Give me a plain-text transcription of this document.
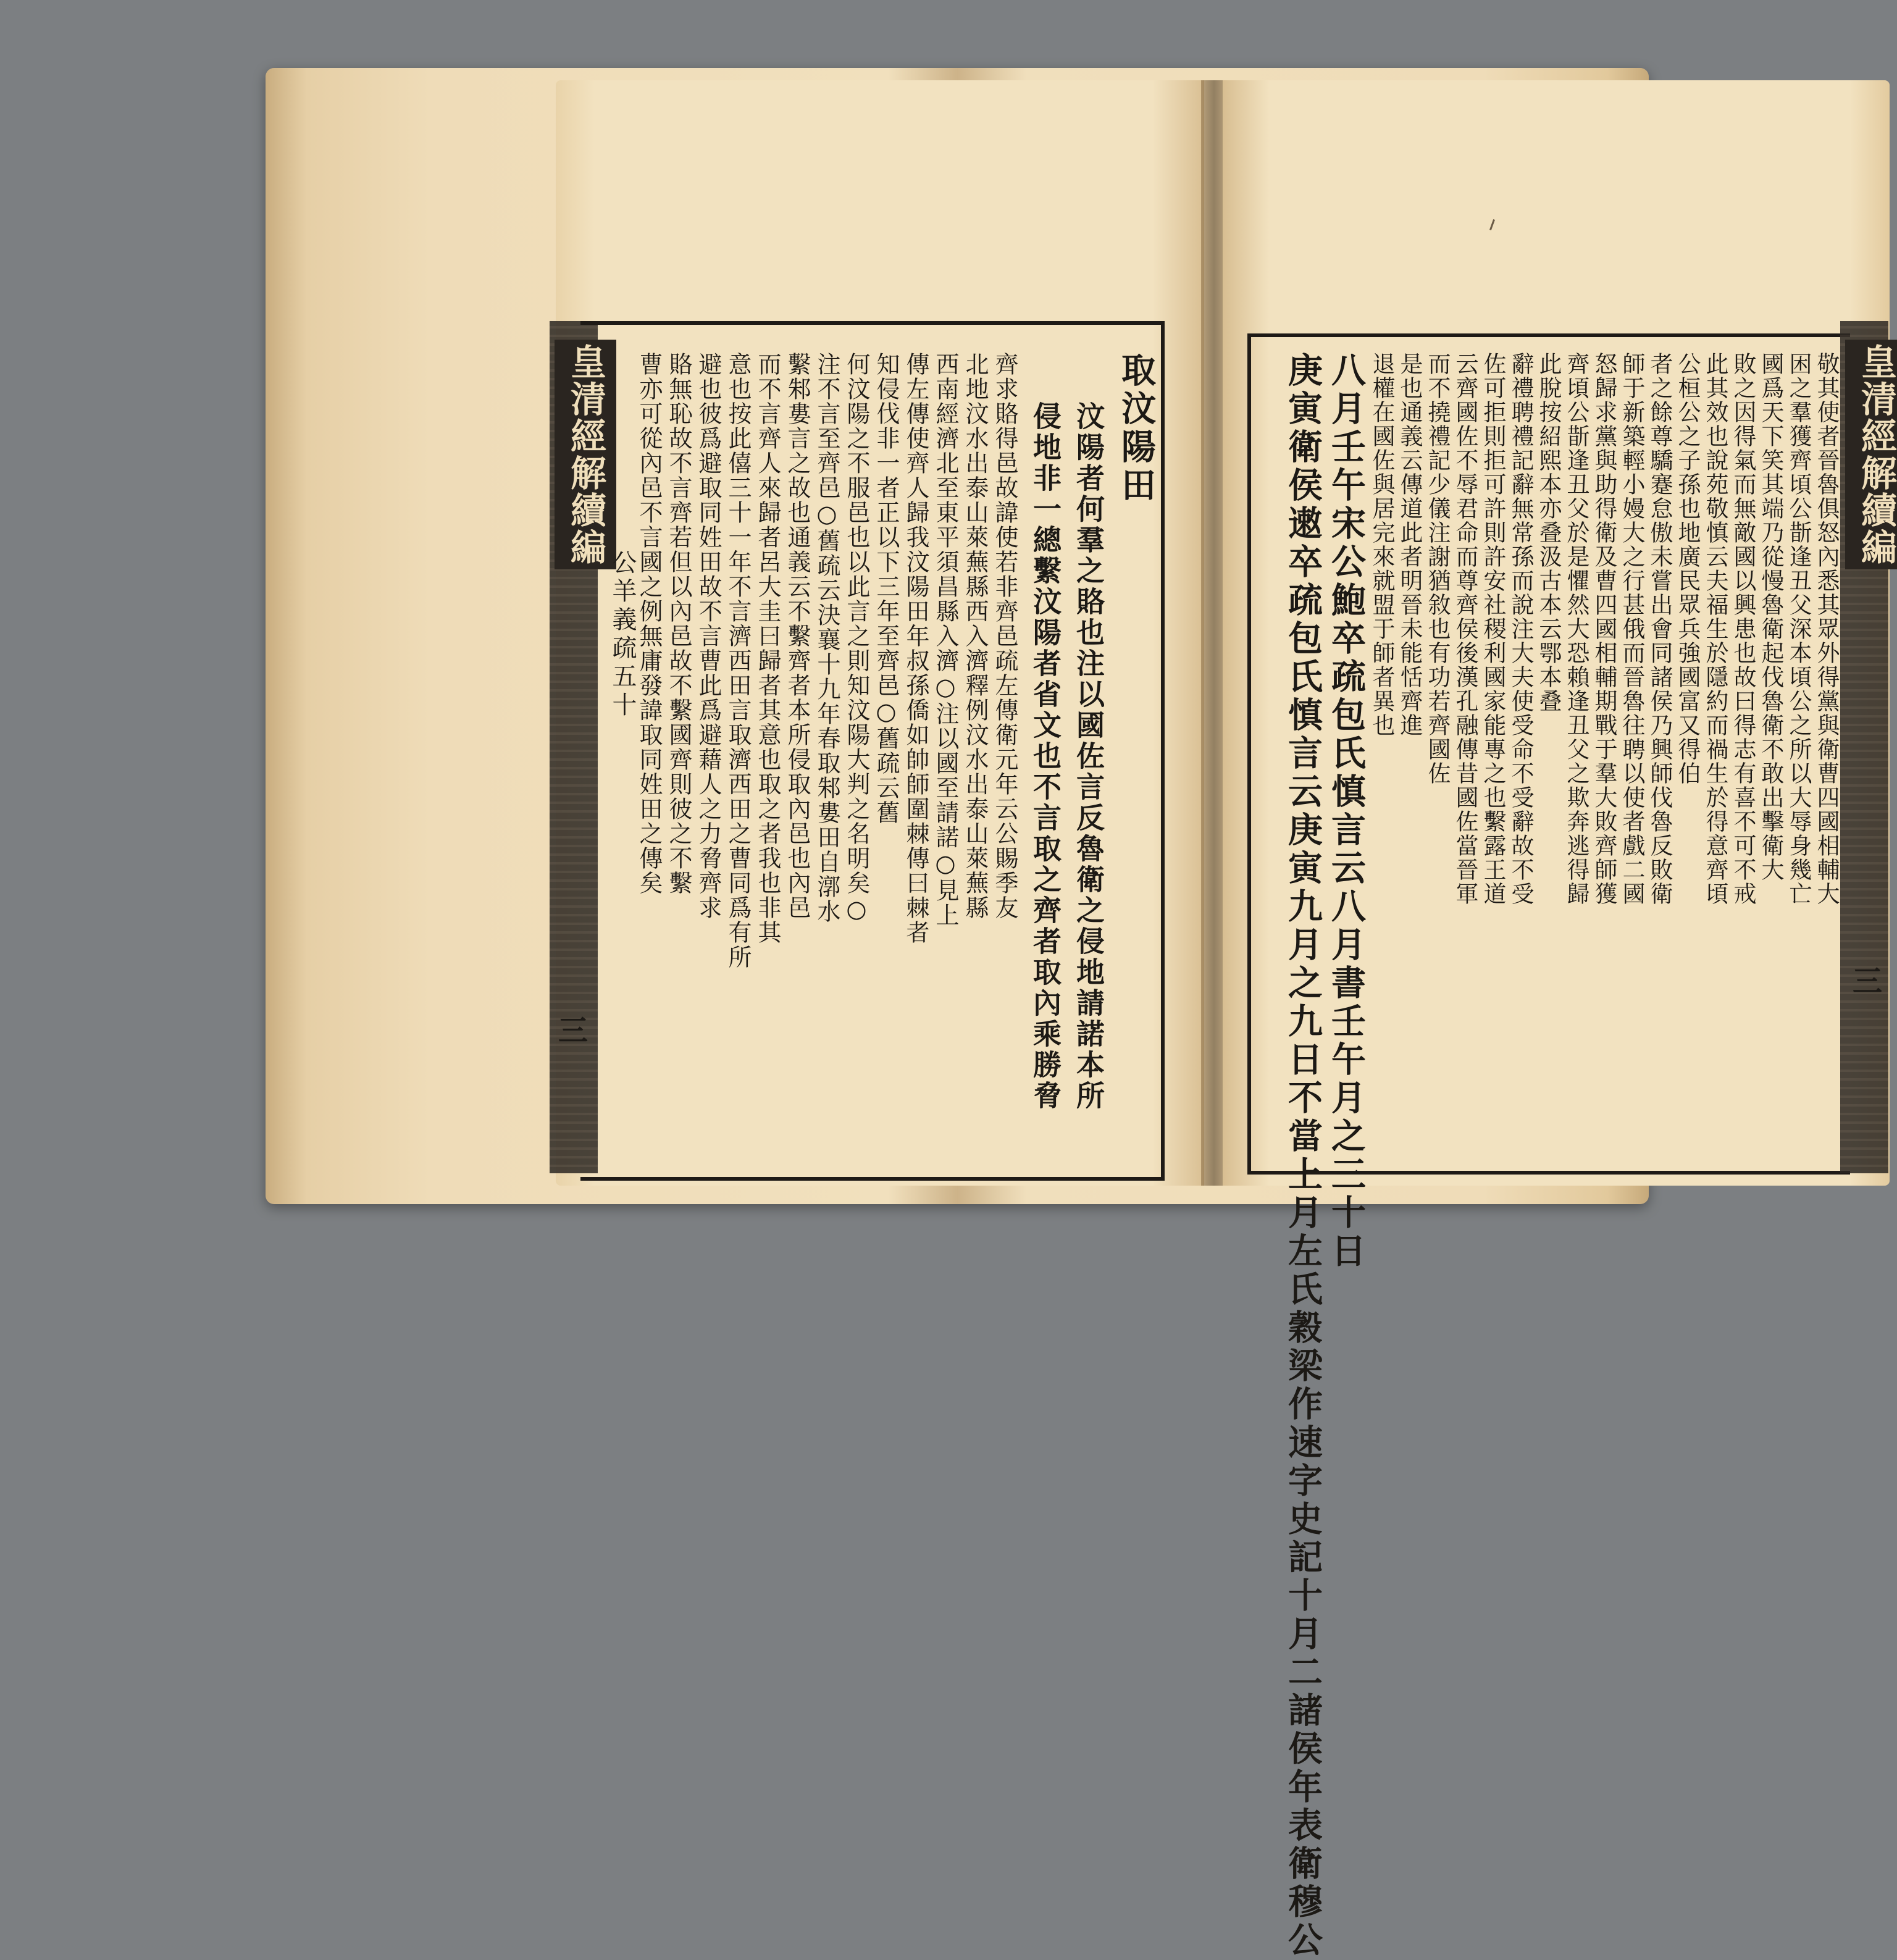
皇清經解續編
公羊義疏五十
三
取汶陽田
汶陽者何羣之賂也注以國佐言反魯衛之侵地請諾本所
侵地非一總繫汶陽者省文也不言取之齊者取內乘勝脅
齊求賂得邑故諱使若非齊邑疏左傳衛元年云公賜季友
北地汶水出泰山萊蕪縣西入濟釋例汶水出泰山萊蕪縣
西南經濟北至東平須昌縣入濟○注以國至請諾○見上
傳左傳使齊人歸我汶陽田年叔孫僑如帥師圍棘傳曰棘者
知侵伐非一者正以下三年至齊邑○舊疏云舊
何汶陽之不服邑也以此言之則知汶陽大判之名明矣○
注不言至齊邑○舊疏云決襄十九年春取邾婁田自漷水
繫邾婁言之故也通義云不繫齊者本所侵取內邑也內邑
而不言齊人來歸者呂大圭曰歸者其意也取之者我也非其
意也按此僖三十一年不言濟西田言取濟西田之曹同爲有所
避也彼爲避取同姓田故不言曹此爲避藉人之力脅齊求
賂無恥故不言齊若但以內邑故不繫國齊則彼之不繫
曹亦可從內邑不言國之例無庸發諱取同姓田之傳矣	皇清經解續編
三
敬其使者晉魯俱怒內悉其眾外得黨與衛曹四國相輔大
困之羣獲齊頃公斮逢丑父深本頃公之所以大辱身幾亡
國爲天下笑其端乃從慢魯衛起伐魯衛不敢出擊衛大
敗之因得氣而無敵國以興患也故曰得志有喜不可不戒
此其效也說苑敬慎云夫福生於隱約而禍生於得意齊頃
公桓公之子孫也地廣民眾兵強國富又得伯
者之餘尊驕蹇怠傲未嘗出會同諸侯乃興師伐魯反敗衛
師于新築輕小嫚大之行甚俄而晉魯往聘以使者戲二國
怒歸求黨與助得衛及曹四國相輔期戰于羣大敗齊師獲
齊頃公斮逢丑父於是懼然大恐賴逢丑父之欺奔逃得歸
此脫按紹熙本亦叠汲古本云鄂本叠
辭禮聘禮記辭無常孫而說注大夫使受命不受辭故不受
佐可拒則拒可許則許安社稷利國家能專之也繫露王道
云齊國佐不辱君命而尊齊侯後漢孔融傳昔國佐當晉軍
而不撓禮記少儀注謝猶敘也有功若齊國佐
是也通義云傳道此者明晉未能恬齊進
退權在國佐與居完來就盟于師者異也
八月壬午宋公鮑卒疏包氏慎言云八月書壬午月之三十日
庚寅衛侯遫卒疏包氏慎言云庚寅九月之九日不當上月左氏穀梁作速字史記十月二諸侯年表衛穆公
